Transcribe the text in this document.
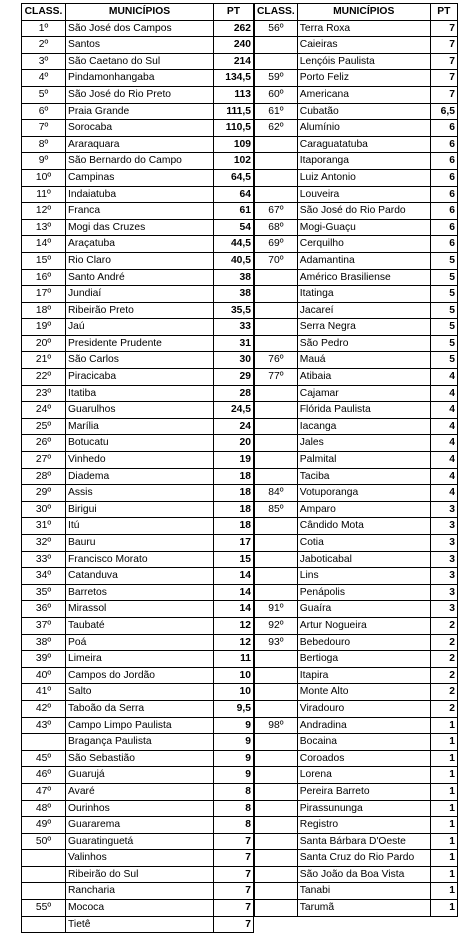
CLASS.	MUNICÍPIOS	PT
1º	São José dos Campos	262
2º	Santos	240
3º	São Caetano do Sul	214
4º	Pindamonhangaba	134,5
5º	São José do Rio Preto	113
6º	Praia Grande	111,5
7º	Sorocaba	110,5
8º	Araraquara	109
9º	São Bernardo do Campo	102
10º	Campinas	64,5
11º	Indaiatuba	64
12º	Franca	61
13º	Mogi das Cruzes	54
14º	Araçatuba	44,5
15º	Rio Claro	40,5
16º	Santo André	38
17º	Jundiaí	38
18º	Ribeirão Preto	35,5
19º	Jaú	33
20º	Presidente Prudente	31
21º	São Carlos	30
22º	Piracicaba	29
23º	Itatiba	28
24º	Guarulhos	24,5
25º	Marília	24
26º	Botucatu	20
27º	Vinhedo	19
28º	Diadema	18
29º	Assis	18
30º	Birigui	18
31º	Itú	18
32º	Bauru	17
33º	Francisco Morato	15
34º	Catanduva	14
35º	Barretos	14
36º	Mirassol	14
37º	Taubaté	12
38º	Poá	12
39º	Limeira	11
40º	Campos do Jordão	10
41º	Salto	10
42º	Taboão da Serra	9,5
43º	Campo Limpo Paulista	9
	Bragança Paulista	9
45º	São Sebastião	9
46º	Guarujá	9
47º	Avaré	8
48º	Ourinhos	8
49º	Guararema	8
50º	Guaratinguetá	7
	Valinhos	7
	Ribeirão do Sul	7
	Rancharia	7
55º	Mococa	7
	Tietê	7
CLASS.	MUNICÍPIOS	PT
56º	Terra Roxa	7
	Caieiras	7
	Lençóis Paulista	7
59º	Porto Feliz	7
60º	Americana	7
61º	Cubatão	6,5
62º	Alumínio	6
	Caraguatatuba	6
	Itaporanga	6
	Luiz Antonio	6
	Louveira	6
67º	São José do Rio Pardo	6
68º	Mogi-Guaçu	6
69º	Cerquilho	6
70º	Adamantina	5
	Américo Brasiliense	5
	Itatinga	5
	Jacareí	5
	Serra Negra	5
	São Pedro	5
76º	Mauá	5
77º	Atibaia	4
	Cajamar	4
	Flórida Paulista	4
	Iacanga	4
	Jales	4
	Palmital	4
	Taciba	4
84º	Votuporanga	4
85º	Amparo	3
	Cândido Mota	3
	Cotia	3
	Jaboticabal	3
	Lins	3
	Penápolis	3
91º	Guaíra	3
92º	Artur Nogueira	2
93º	Bebedouro	2
	Bertioga	2
	Itapira	2
	Monte Alto	2
	Viradouro	2
98º	Andradina	1
	Bocaina	1
	Coroados	1
	Lorena	1
	Pereira Barreto	1
	Pirassununga	1
	Registro	1
	Santa Bárbara D'Oeste	1
	Santa Cruz do Rio Pardo	1
	São João da Boa Vista	1
	Tanabi	1
	Tarumã	1
